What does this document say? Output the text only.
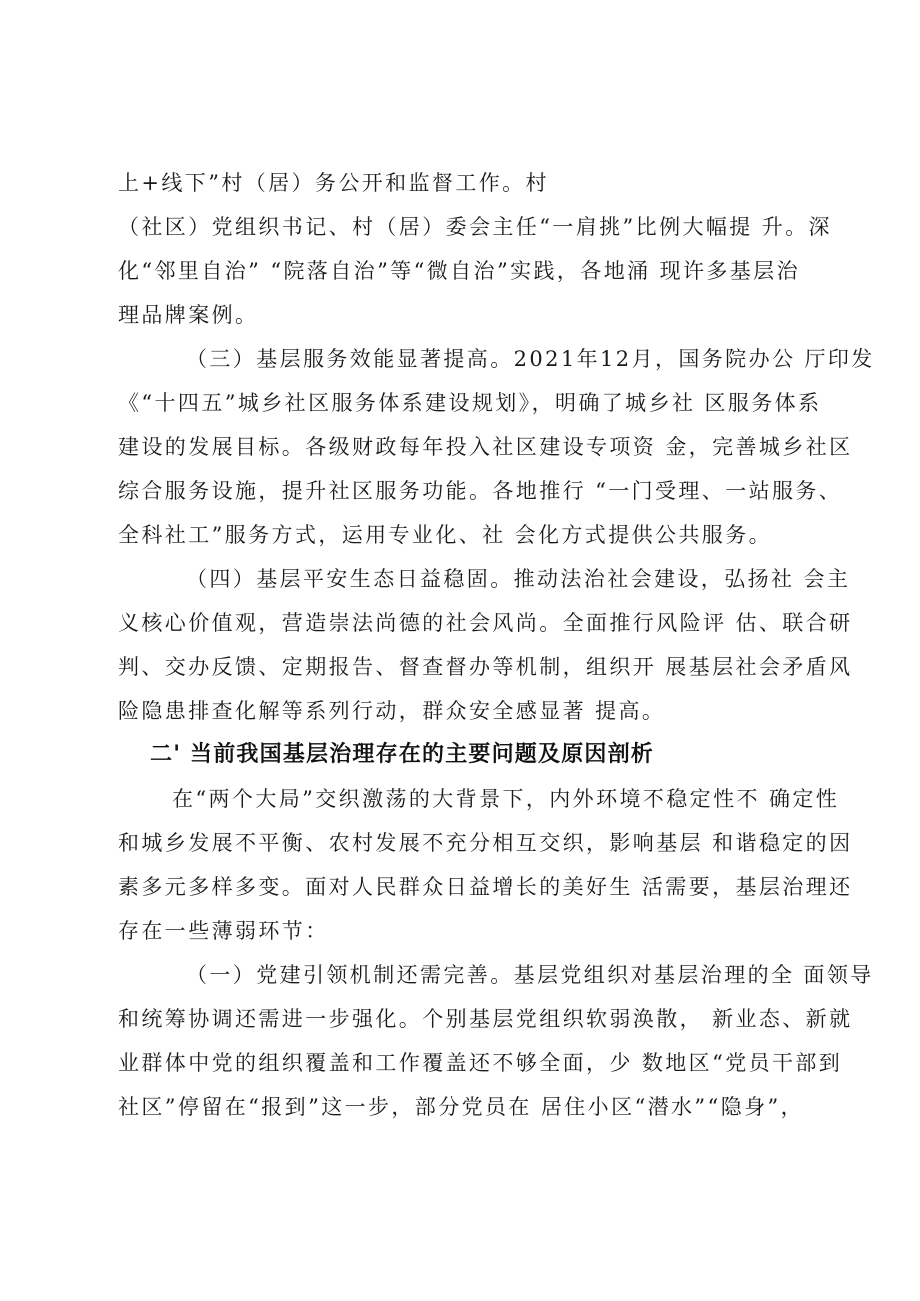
上+线下”村（居）务公开和监督工作。村
（社区）党组织书记、村（居）委会主任“一肩挑”比例大幅提 升。深
化“邻里自治” “院落自治”等“微自治”实践，各地涌 现许多基层治
理品牌案例。
（三）基层服务效能显著提高。2021年12月，国务院办公 厅印发
《“十四五”城乡社区服务体系建设规划》，明确了城乡社 区服务体系
建设的发展目标。各级财政每年投入社区建设专项资 金，完善城乡社区
综合服务设施，提升社区服务功能。各地推行 “一门受理、一站服务、
全科社工”服务方式，运用专业化、社 会化方式提供公共服务。
（四）基层平安生态日益稳固。推动法治社会建设，弘扬社 会主
义核心价值观，营造崇法尚德的社会风尚。全面推行风险评 估、联合研
判、交办反馈、定期报告、督查督办等机制，组织开 展基层社会矛盾风
险隐患排查化解等系列行动，群众安全感显著 提高。
二' 当前我国基层治理存在的主要问题及原因剖析
在“两个大局”交织激荡的大背景下，内外环境不稳定性不 确定性
和城乡发展不平衡、农村发展不充分相互交织，影响基层 和谐稳定的因
素多元多样多变。面对人民群众日益增长的美好生 活需要，基层治理还
存在一些薄弱环节：
（一）党建引领机制还需完善。基层党组织对基层治理的全 面领导
和统筹协调还需进一步强化。个别基层党组织软弱涣散， 新业态、新就
业群体中党的组织覆盖和工作覆盖还不够全面，少 数地区“党员干部到
社区”停留在“报到”这一步，部分党员在 居住小区“潜水”“隐身”，
